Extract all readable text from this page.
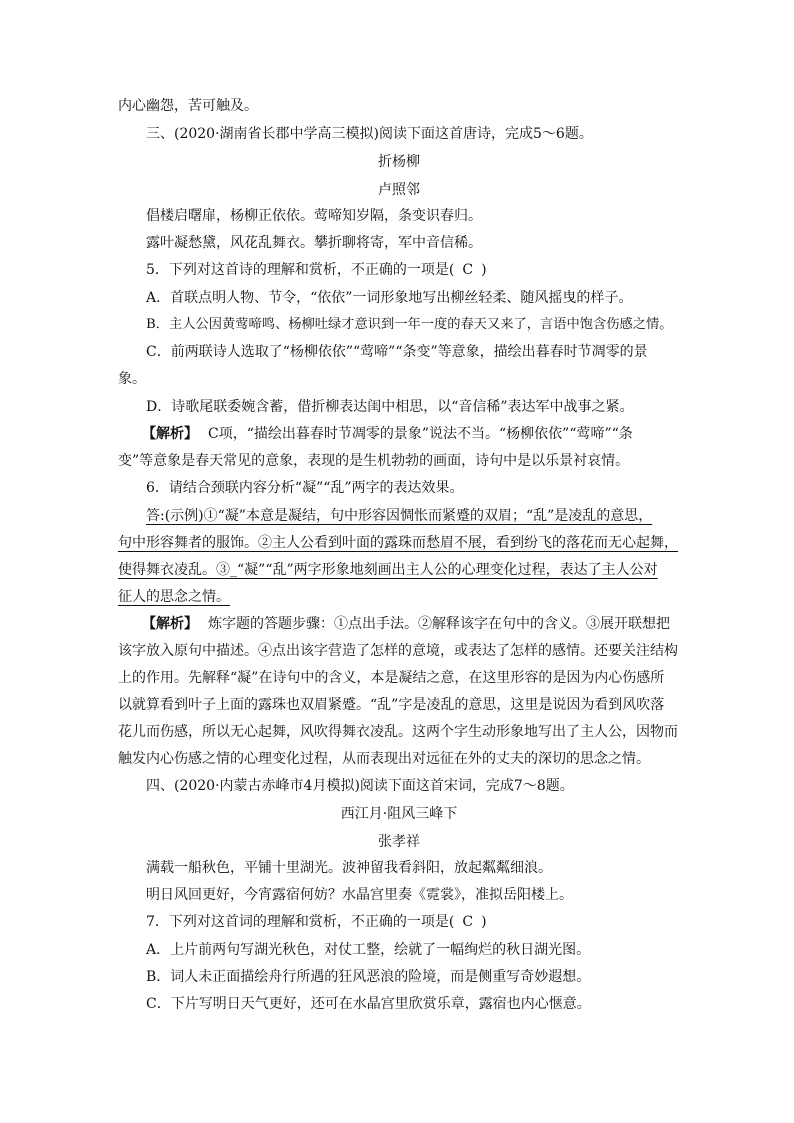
内心幽怨，苦可触及。
三、(2020·湖南省长郡中学高三模拟)阅读下面这首唐诗，完成5～6题。
折杨柳
卢照邻
倡楼启曙扉，杨柳正依依。莺啼知岁隔，条变识春归。
露叶凝愁黛，风花乱舞衣。攀折聊将寄，军中音信稀。
5．下列对这首诗的理解和赏析，不正确的一项是( C )
A．首联点明人物、节令，“依依”一词形象地写出柳丝轻柔、随风摇曳的样子。
B．主人公因黄莺啼鸣、杨柳吐绿才意识到一年一度的春天又来了，言语中饱含伤感之情。
C．前两联诗人选取了“杨柳依依”“莺啼”“条变”等意象，描绘出暮春时节凋零的景
象。
D．诗歌尾联委婉含蓄，借折柳表达闺中相思，以“音信稀”表达军中战事之紧。
【解析】 C项，“描绘出暮春时节凋零的景象”说法不当。“杨柳依依”“莺啼”“条
变”等意象是春天常见的意象，表现的是生机勃勃的画面，诗句中是以乐景衬哀情。
6．请结合颈联内容分析“凝”“乱”两字的表达效果。
答:(示例)①“凝”本意是凝结，句中形容因惆怅而紧蹙的双眉；“乱”是凌乱的意思，
句中形容舞者的服饰。②主人公看到叶面的露珠而愁眉不展，看到纷飞的落花而无心起舞，
使得舞衣凌乱。③_“凝”“乱”两字形象地刻画出主人公的心理变化过程，表达了主人公对
征人的思念之情。
【解析】 炼字题的答题步骤：①点出手法。②解释该字在句中的含义。③展开联想把
该字放入原句中描述。④点出该字营造了怎样的意境，或表达了怎样的感情。还要关注结构
上的作用。先解释“凝”在诗句中的含义，本是凝结之意，在这里形容的是因为内心伤感所
以就算看到叶子上面的露珠也双眉紧蹙。“乱”字是凌乱的意思，这里是说因为看到风吹落
花儿而伤感，所以无心起舞，风吹得舞衣凌乱。这两个字生动形象地写出了主人公，因物而
触发内心伤感之情的心理变化过程，从而表现出对远征在外的丈夫的深切的思念之情。
四、(2020·内蒙古赤峰市4月模拟)阅读下面这首宋词，完成7～8题。
西江月·阻风三峰下
张孝祥
满载一船秋色，平铺十里湖光。波神留我看斜阳，放起粼粼细浪。
明日风回更好，今宵露宿何妨？水晶宫里奏《霓裳》，准拟岳阳楼上。
7．下列对这首词的理解和赏析，不正确的一项是( C )
A．上片前两句写湖光秋色，对仗工整，绘就了一幅绚烂的秋日湖光图。
B．词人未正面描绘舟行所遇的狂风恶浪的险境，而是侧重写奇妙遐想。
C．下片写明日天气更好，还可在水晶宫里欣赏乐章，露宿也内心惬意。
